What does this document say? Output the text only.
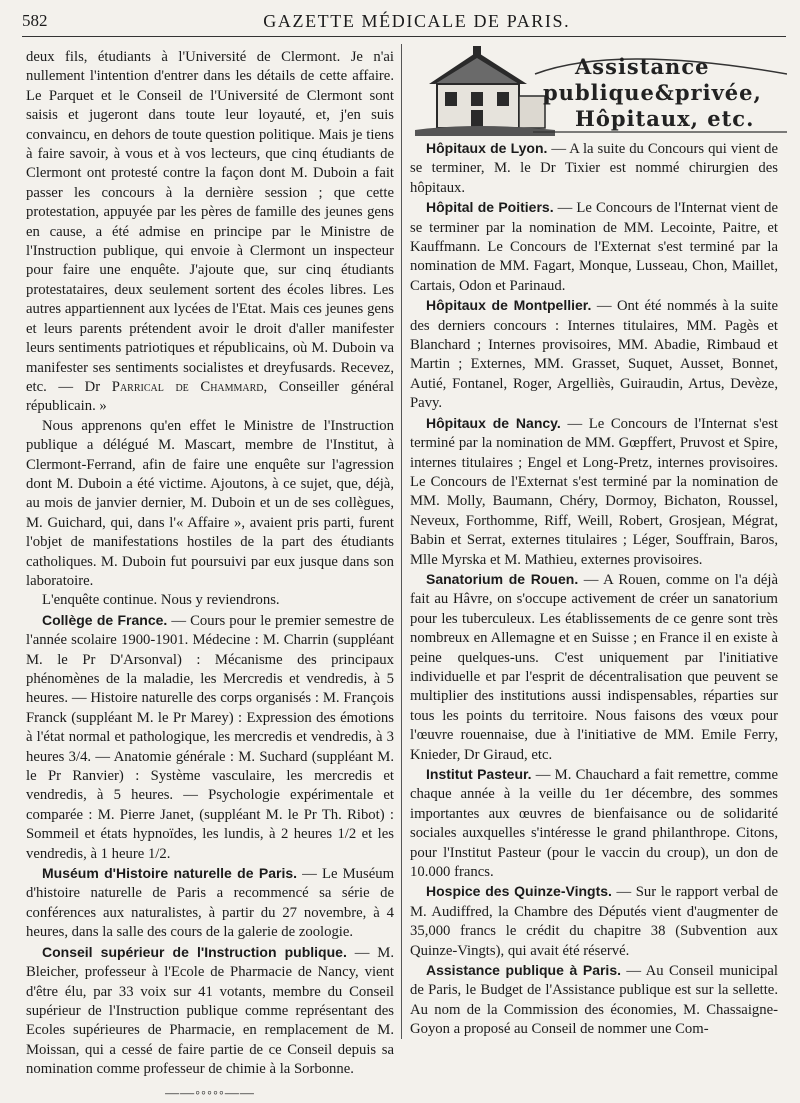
582	GAZETTE MÉDICALE DE PARIS.

deux fils, étudiants à l'Université de Clermont. Je n'ai nullement l'intention d'entrer dans les détails de cette affaire. Le Parquet et le Conseil de l'Université de Clermont sont saisis et jugeront dans toute leur loyauté, et, j'en suis convaincu, en dehors de toute question politique. Mais je tiens à faire savoir, à vous et à vos lecteurs, que cinq étudiants de Clermont ont protesté contre la façon dont M. Duboin a fait passer les concours à la dernière session ; que cette protestation, appuyée par les pères de famille des jeunes gens en cause, a été admise en principe par le Ministre de l'Instruction publique, qui envoie à Clermont un inspecteur pour faire une enquête. J'ajoute que, sur cinq étudiants protestataires, deux seulement sortent des écoles libres. Les autres appartiennent aux lycées de l'Etat. Mais ces jeunes gens et leurs parents prétendent avoir le droit d'aller manifester leurs sentiments patriotiques et républicains, où M. Duboin va manifester ses sentiments socialistes et dreyfusards. Recevez, etc. — Dr Parrical de Chammard, Conseiller général républicain. »

Nous apprenons qu'en effet le Ministre de l'Instruction publique a délégué M. Mascart, membre de l'Institut, à Clermont-Ferrand, afin de faire une enquête sur l'agression dont M. Duboin a été victime. Ajoutons, à ce sujet, que, déjà, au mois de janvier dernier, M. Duboin et un de ses collègues, M. Guichard, qui, dans l'« Affaire », avaient pris parti, furent l'objet de manifestations hostiles de la part des étudiants catholiques. M. Duboin fut poursuivi par eux jusque dans son laboratoire.

L'enquête continue. Nous y reviendrons.

Collège de France. — Cours pour le premier semestre de l'année scolaire 1900-1901. Médecine : M. Charrin (suppléant M. le Pr D'Arsonval) : Mécanisme des principaux phénomènes de la maladie, les Mercredis et vendredis, à 5 heures. — Histoire naturelle des corps organisés : M. François Franck (suppléant M. le Pr Marey) : Expression des émotions à l'état normal et pathologique, les mercredis et vendredis, à 3 heures 3/4. — Anatomie générale : M. Suchard (suppléant M. le Pr Ranvier) : Système vasculaire, les mercredis et vendredis, à 5 heures. — Psychologie expérimentale et comparée : M. Pierre Janet, (suppléant M. le Pr Th. Ribot) : Sommeil et états hypnoïdes, les lundis, à 2 heures 1/2 et les vendredis, à 1 heure 1/2.

Muséum d'Histoire naturelle de Paris. — Le Muséum d'histoire naturelle de Paris a recommencé sa série de conférences aux naturalistes, à partir du 27 novembre, à 4 heures, dans la salle des cours de la galerie de zoologie.

Conseil supérieur de l'Instruction publique. — M. Bleicher, professeur à l'Ecole de Pharmacie de Nancy, vient d'être élu, par 33 voix sur 41 votants, membre du Conseil supérieur de l'Instruction publique comme représentant des Ecoles supérieures de Pharmacie, en remplacement de M. Moissan, qui a cessé de faire partie de ce Conseil depuis sa nomination comme professeur de chimie à la Sorbonne.

——◦◦◦◦◦——
Assistance
publique&privée,
Hôpitaux, etc.

Hôpitaux de Lyon. — A la suite du Concours qui vient de se terminer, M. le Dr Tixier est nommé chirurgien des hôpitaux.

Hôpital de Poitiers. — Le Concours de l'Internat vient de se terminer par la nomination de MM. Lecointe, Paitre, et Kauffmann. Le Concours de l'Externat s'est terminé par la nomination de MM. Fagart, Monque, Lusseau, Chon, Maillet, Cartais, Odon et Parinaud.

Hôpitaux de Montpellier. — Ont été nommés à la suite des derniers concours : Internes titulaires, MM. Pagès et Blanchard ; Internes provisoires, MM. Abadie, Rimbaud et Martin ; Externes, MM. Grasset, Suquet, Ausset, Bonnet, Autié, Fontanel, Roger, Argelliès, Guiraudin, Artus, Devèze, Pavy.

Hôpitaux de Nancy. — Le Concours de l'Internat s'est terminé par la nomination de MM. Gœpffert, Pruvost et Spire, internes titulaires ; Engel et Long-Pretz, internes provisoires. Le Concours de l'Externat s'est terminé par la nomination de MM. Molly, Baumann, Chéry, Dormoy, Bichaton, Roussel, Neveux, Forthomme, Riff, Weill, Robert, Grosjean, Mégrat, Babin et Serrat, externes titulaires ; Léger, Souffrain, Baros, Mlle Myrska et M. Mathieu, externes provisoires.

Sanatorium de Rouen. — A Rouen, comme on l'a déjà fait au Hâvre, on s'occupe activement de créer un sanatorium pour les tuberculeux. Les établissements de ce genre sont très nombreux en Allemagne et en Suisse ; en France il en existe à peine quelques-uns. C'est uniquement par l'initiative individuelle et par l'esprit de décentralisation que peuvent se multiplier des institutions aussi indispensables, réparties sur tous les points du territoire. Nous faisons des vœux pour l'œuvre rouennaise, due à l'initiative de MM. Emile Ferry, Knieder, Dr Giraud, etc.

Institut Pasteur. — M. Chauchard a fait remettre, comme chaque année à la veille du 1er décembre, des sommes importantes aux œuvres de bienfaisance ou de solidarité sociales auxquelles s'intéresse le grand philanthrope. Citons, pour l'Institut Pasteur (pour le vaccin du croup), un don de 10.000 francs.

Hospice des Quinze-Vingts. — Sur le rapport verbal de M. Audiffred, la Chambre des Députés vient d'augmenter de 35,000 francs le crédit du chapitre 38 (Subvention aux Quinze-Vingts), qui avait été réservé.

Assistance publique à Paris. — Au Conseil municipal de Paris, le Budget de l'Assistance publique est sur la sellette. Au nom de la Commission des économies, M. Chassaigne-Goyon a proposé au Conseil de nommer une Com-
